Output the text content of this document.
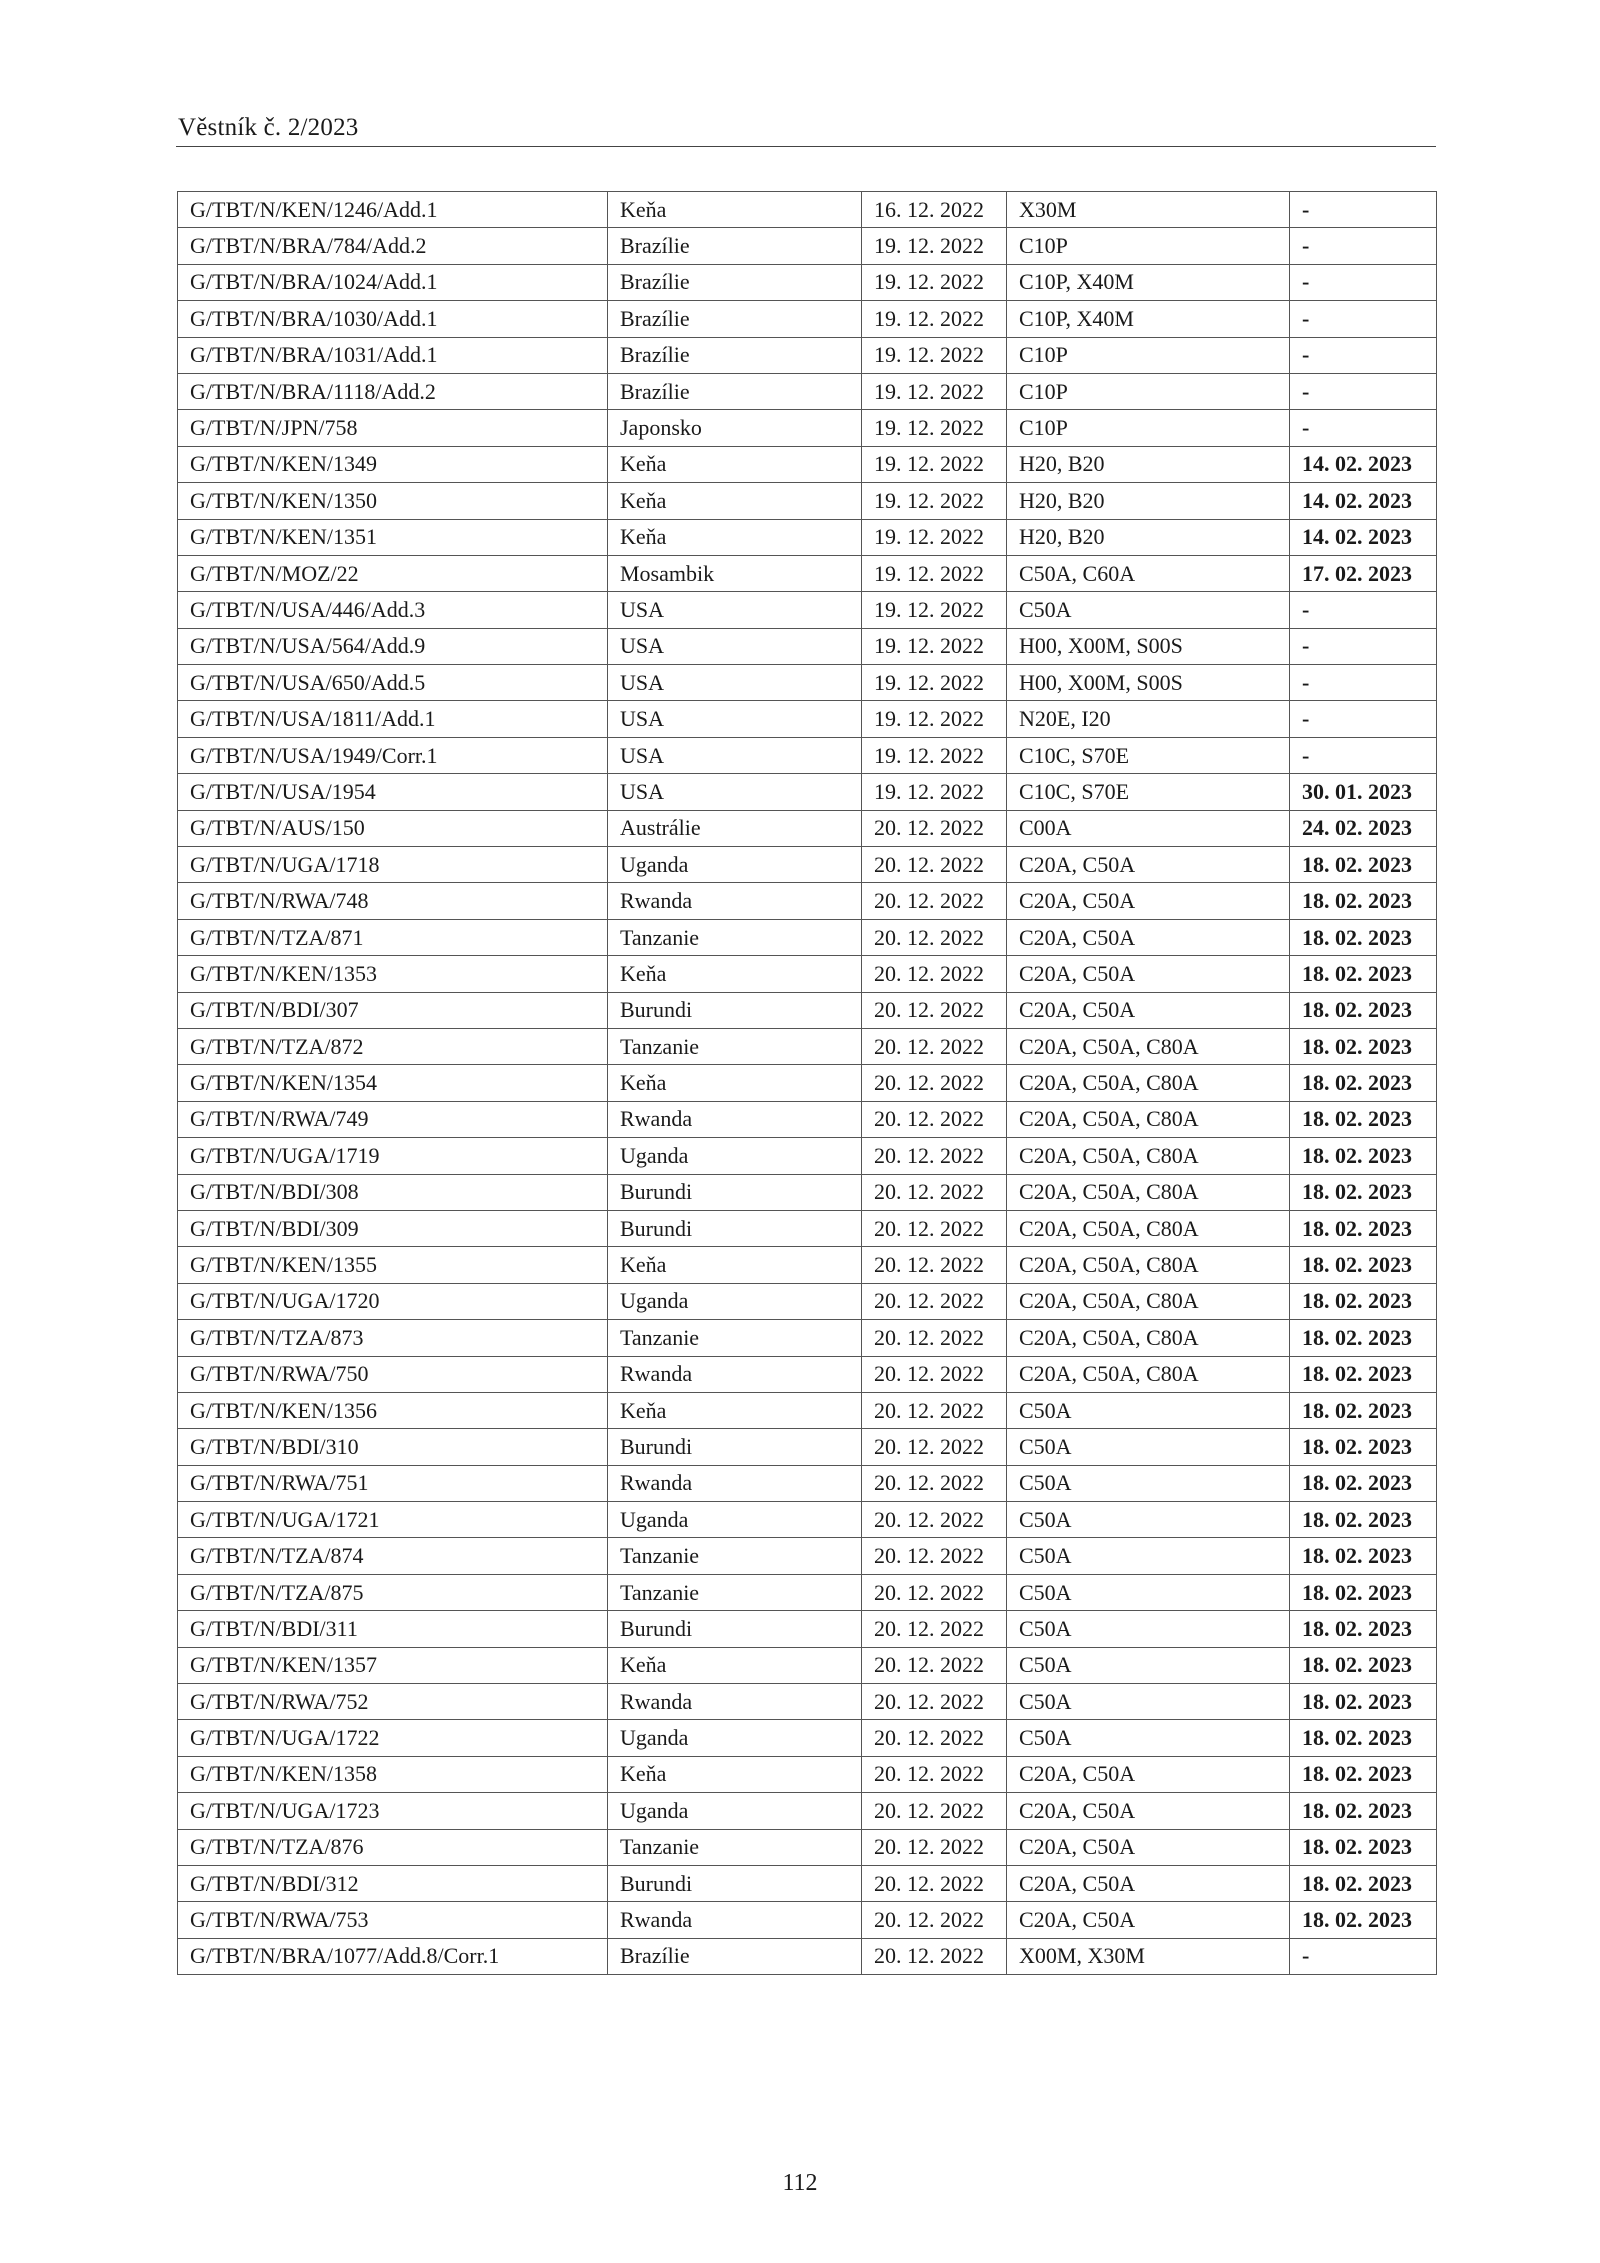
Věstník č. 2/2023
G/TBT/N/KEN/1246/Add.1	Keňa	16. 12. 2022	X30M	-
G/TBT/N/BRA/784/Add.2	Brazílie	19. 12. 2022	C10P	-
G/TBT/N/BRA/1024/Add.1	Brazílie	19. 12. 2022	C10P, X40M	-
G/TBT/N/BRA/1030/Add.1	Brazílie	19. 12. 2022	C10P, X40M	-
G/TBT/N/BRA/1031/Add.1	Brazílie	19. 12. 2022	C10P	-
G/TBT/N/BRA/1118/Add.2	Brazílie	19. 12. 2022	C10P	-
G/TBT/N/JPN/758	Japonsko	19. 12. 2022	C10P	-
G/TBT/N/KEN/1349	Keňa	19. 12. 2022	H20, B20	14. 02. 2023
G/TBT/N/KEN/1350	Keňa	19. 12. 2022	H20, B20	14. 02. 2023
G/TBT/N/KEN/1351	Keňa	19. 12. 2022	H20, B20	14. 02. 2023
G/TBT/N/MOZ/22	Mosambik	19. 12. 2022	C50A, C60A	17. 02. 2023
G/TBT/N/USA/446/Add.3	USA	19. 12. 2022	C50A	-
G/TBT/N/USA/564/Add.9	USA	19. 12. 2022	H00, X00M, S00S	-
G/TBT/N/USA/650/Add.5	USA	19. 12. 2022	H00, X00M, S00S	-
G/TBT/N/USA/1811/Add.1	USA	19. 12. 2022	N20E, I20	-
G/TBT/N/USA/1949/Corr.1	USA	19. 12. 2022	C10C, S70E	-
G/TBT/N/USA/1954	USA	19. 12. 2022	C10C, S70E	30. 01. 2023
G/TBT/N/AUS/150	Austrálie	20. 12. 2022	C00A	24. 02. 2023
G/TBT/N/UGA/1718	Uganda	20. 12. 2022	C20A, C50A	18. 02. 2023
G/TBT/N/RWA/748	Rwanda	20. 12. 2022	C20A, C50A	18. 02. 2023
G/TBT/N/TZA/871	Tanzanie	20. 12. 2022	C20A, C50A	18. 02. 2023
G/TBT/N/KEN/1353	Keňa	20. 12. 2022	C20A, C50A	18. 02. 2023
G/TBT/N/BDI/307	Burundi	20. 12. 2022	C20A, C50A	18. 02. 2023
G/TBT/N/TZA/872	Tanzanie	20. 12. 2022	C20A, C50A, C80A	18. 02. 2023
G/TBT/N/KEN/1354	Keňa	20. 12. 2022	C20A, C50A, C80A	18. 02. 2023
G/TBT/N/RWA/749	Rwanda	20. 12. 2022	C20A, C50A, C80A	18. 02. 2023
G/TBT/N/UGA/1719	Uganda	20. 12. 2022	C20A, C50A, C80A	18. 02. 2023
G/TBT/N/BDI/308	Burundi	20. 12. 2022	C20A, C50A, C80A	18. 02. 2023
G/TBT/N/BDI/309	Burundi	20. 12. 2022	C20A, C50A, C80A	18. 02. 2023
G/TBT/N/KEN/1355	Keňa	20. 12. 2022	C20A, C50A, C80A	18. 02. 2023
G/TBT/N/UGA/1720	Uganda	20. 12. 2022	C20A, C50A, C80A	18. 02. 2023
G/TBT/N/TZA/873	Tanzanie	20. 12. 2022	C20A, C50A, C80A	18. 02. 2023
G/TBT/N/RWA/750	Rwanda	20. 12. 2022	C20A, C50A, C80A	18. 02. 2023
G/TBT/N/KEN/1356	Keňa	20. 12. 2022	C50A	18. 02. 2023
G/TBT/N/BDI/310	Burundi	20. 12. 2022	C50A	18. 02. 2023
G/TBT/N/RWA/751	Rwanda	20. 12. 2022	C50A	18. 02. 2023
G/TBT/N/UGA/1721	Uganda	20. 12. 2022	C50A	18. 02. 2023
G/TBT/N/TZA/874	Tanzanie	20. 12. 2022	C50A	18. 02. 2023
G/TBT/N/TZA/875	Tanzanie	20. 12. 2022	C50A	18. 02. 2023
G/TBT/N/BDI/311	Burundi	20. 12. 2022	C50A	18. 02. 2023
G/TBT/N/KEN/1357	Keňa	20. 12. 2022	C50A	18. 02. 2023
G/TBT/N/RWA/752	Rwanda	20. 12. 2022	C50A	18. 02. 2023
G/TBT/N/UGA/1722	Uganda	20. 12. 2022	C50A	18. 02. 2023
G/TBT/N/KEN/1358	Keňa	20. 12. 2022	C20A, C50A	18. 02. 2023
G/TBT/N/UGA/1723	Uganda	20. 12. 2022	C20A, C50A	18. 02. 2023
G/TBT/N/TZA/876	Tanzanie	20. 12. 2022	C20A, C50A	18. 02. 2023
G/TBT/N/BDI/312	Burundi	20. 12. 2022	C20A, C50A	18. 02. 2023
G/TBT/N/RWA/753	Rwanda	20. 12. 2022	C20A, C50A	18. 02. 2023
G/TBT/N/BRA/1077/Add.8/Corr.1	Brazílie	20. 12. 2022	X00M, X30M	-
112
